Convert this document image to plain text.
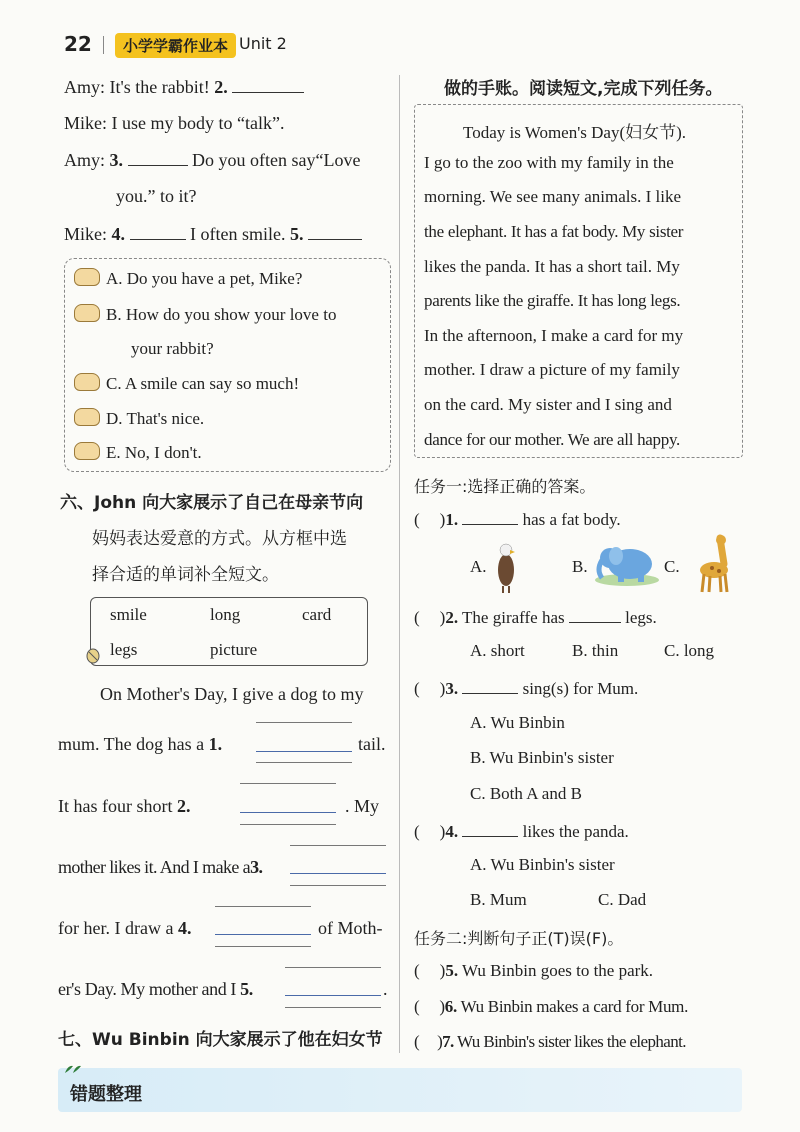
22	小学学霸作业本 Unit 2
Amy: It's the rabbit! 2.
Mike: I use my body to “talk”.
Amy: 3.	Do you often say“Love
you.” to it?
Mike: 4.	I often smile. 5.
A. Do you have a pet, Mike?
B. How do you show your love to
your rabbit?
C. A smile can say so much!
D. That's nice.
E. No, I don't.
六、John 向大家展示了自己在母亲节向
妈妈表达爱意的方式。从方框中选
择合适的单词补全短文。
smile	long	card
legs	picture
On Mother's Day, I give a dog to my
mum. The dog has a 1.	tail.
It has four short 2.	. My
mother likes it. And I make a3.
for her. I draw a 4.	of Moth-
er's Day. My mother and I 5.	.
七、Wu Binbin 向大家展示了他在妇女节
做的手账。阅读短文,完成下列任务。
Today is Women's Day(妇女节).
I go to the zoo with my family in the
morning. We see many animals. I like
the elephant. It has a fat body. My sister
likes the panda. It has a short tail. My
parents like the giraffe. It has long legs.
In the afternoon, I make a card for my
mother. I draw a picture of my family
on the card. My sister and I sing and
dance for our mother. We are all happy.
任务一:选择正确的答案。
( )1.	has a fat body.
A.	B.	C.
( )2. The giraffe has	legs.
A. short	B. thin	C. long
( )3.	sing(s) for Mum.
A. Wu Binbin
B. Wu Binbin's sister
C. Both A and B
( )4.	likes the panda.
A. Wu Binbin's sister
B. Mum	C. Dad
任务二:判断句子正(T)误(F)。
( )5. Wu Binbin goes to the park.
( )6. Wu Binbin makes a card for Mum.
( )7. Wu Binbin's sister likes the elephant.
错题整理
